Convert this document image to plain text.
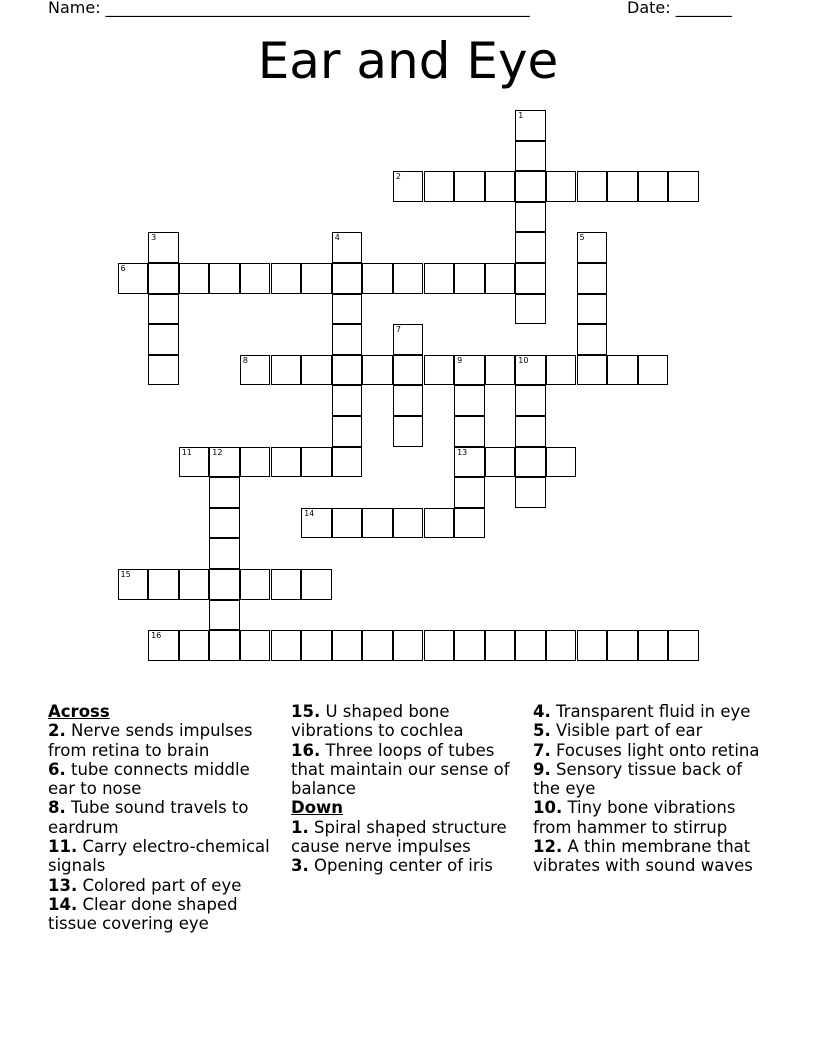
Name: _____________________________________________________	Date: _______
Ear and Eye
1
2
3	4	5
6
7
8	9	10
13
11	12
14
15
16
Across
2. Nerve sends impulses from retina to brain
6. tube connects middle ear to nose
8. Tube sound travels to eardrum
11. Carry electro-chemical signals
13. Colored part of eye
14. Clear done shaped tissue covering eye
15. U shaped bone vibrations to cochlea
16. Three loops of tubes that maintain our sense of balance
Down
1. Spiral shaped structure cause nerve impulses
3. Opening center of iris
4. Transparent fluid in eye
5. Visible part of ear
7. Focuses light onto retina
9. Sensory tissue back of the eye
10. Tiny bone vibrations from hammer to stirrup
12. A thin membrane that vibrates with sound waves
